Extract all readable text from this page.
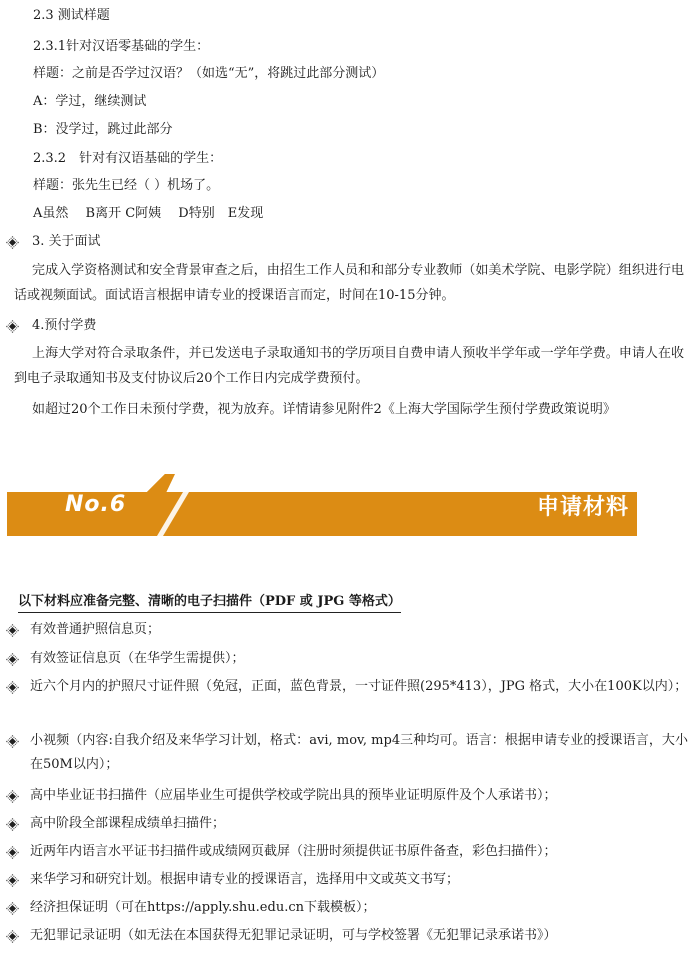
2.3 测试样题
2.3.1针对汉语零基础的学生：
样题：之前是否学过汉语？（如选“无”，将跳过此部分测试）
A：学过，继续测试
B：没学过，跳过此部分
2.3.2　针对有汉语基础的学生：
样题：张先生已经（ ）机场了。
A虽然　 B离开 C阿姨　 D特别　E发现
3. 关于面试
完成入学资格测试和安全背景审查之后，由招生工作人员和和部分专业教师（如美术学院、电影学院）组织进行电话或视频面试。面试语言根据申请专业的授课语言而定，时间在10-15分钟。
4.预付学费
上海大学对符合录取条件，并已发送电子录取通知书的学历项目自费申请人预收半学年或一学年学费。申请人在收到电子录取通知书及支付协议后20个工作日内完成学费预付。
如超过20个工作日未预付学费，视为放弃。详情请参见附件2《上海大学国际学生预付学费政策说明》
No.6	申请材料
以下材料应准备完整、清晰的电子扫描件（PDF 或 JPG 等格式）
有效普通护照信息页；
有效签证信息页（在华学生需提供）；
近六个月内的护照尺寸证件照（免冠，正面，蓝色背景，一寸证件照(295*413），JPG 格式，大小在100K以内）；
小视频（内容:自我介绍及来华学习计划，格式：avi, mov, mp4三种均可。语言：根据申请专业的授课语言，大小在50M以内）；
高中毕业证书扫描件（应届毕业生可提供学校或学院出具的预毕业证明原件及个人承诺书）；
高中阶段全部课程成绩单扫描件；
近两年内语言水平证书扫描件或成绩网页截屏（注册时须提供证书原件备查，彩色扫描件）；
来华学习和研究计划。根据申请专业的授课语言，选择用中文或英文书写；
经济担保证明（可在https://apply.shu.edu.cn下载模板）；
无犯罪记录证明（如无法在本国获得无犯罪记录证明，可与学校签署《无犯罪记录承诺书》）
